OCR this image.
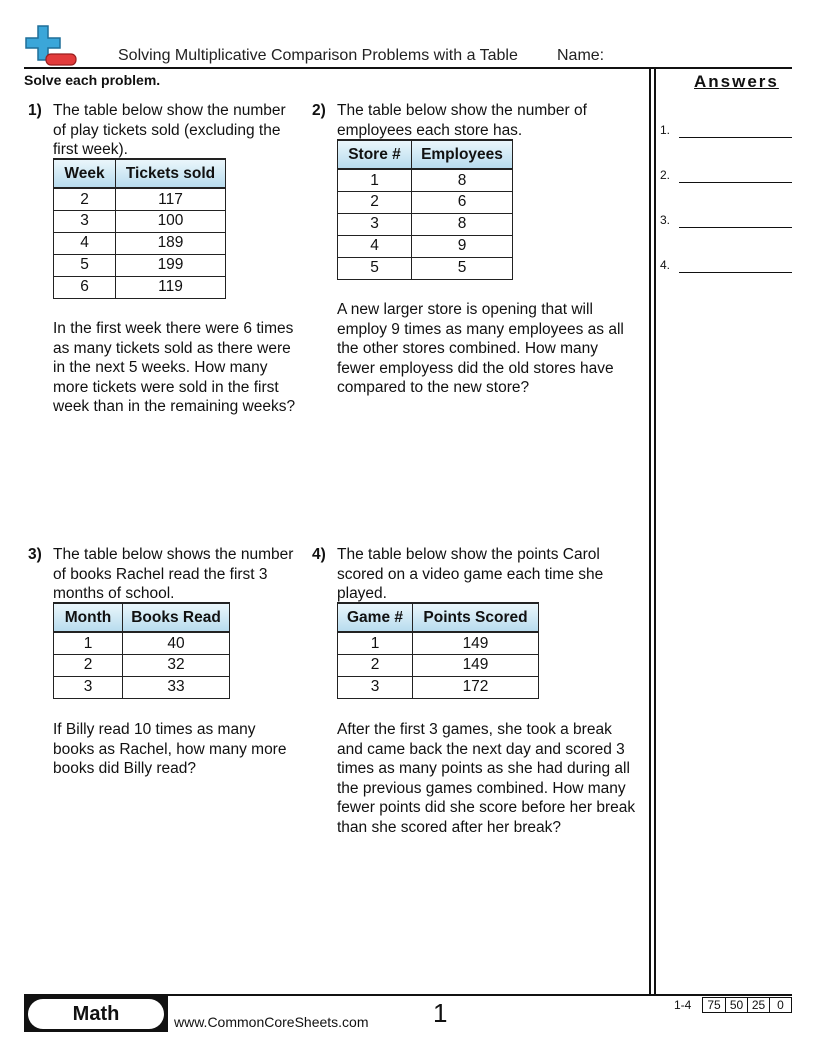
Solving Multiplicative Comparison Problems with a Table Name:
Solve each problem.	Answers
1.
2.
3.
4.
1) The table below show the number
of play tickets sold (excluding the
first week).

Week	Tickets sold
2	117
3	100
4	189
5	199
6	119

In the first week there were 6 times
as many tickets sold as there were
in the next 5 weeks. How many
more tickets were sold in the first
week than in the remaining weeks?

2) The table below show the number of
employees each store has.

Store #	Employees
1	8
2	6
3	8
4	9
5	5

A new larger store is opening that will
employ 9 times as many employees as all
the other stores combined. How many
fewer employess did the old stores have
compared to the new store?

3) The table below shows the number
of books Rachel read the first 3
months of school.

Month	Books Read
1	40
2	32
3	33

If Billy read 10 times as many
books as Rachel, how many more
books did Billy read?

4) The table below show the points Carol
scored on a video game each time she
played.

Game #	Points Scored
1	149
2	149
3	172

After the first 3 games, she took a break
and came back the next day and scored 3
times as many points as she had during all
the previous games combined. How many
fewer points did she score before her break
than she scored after her break?

Math	www.CommonCoreSheets.com 1	1-4	75 50 25 0
